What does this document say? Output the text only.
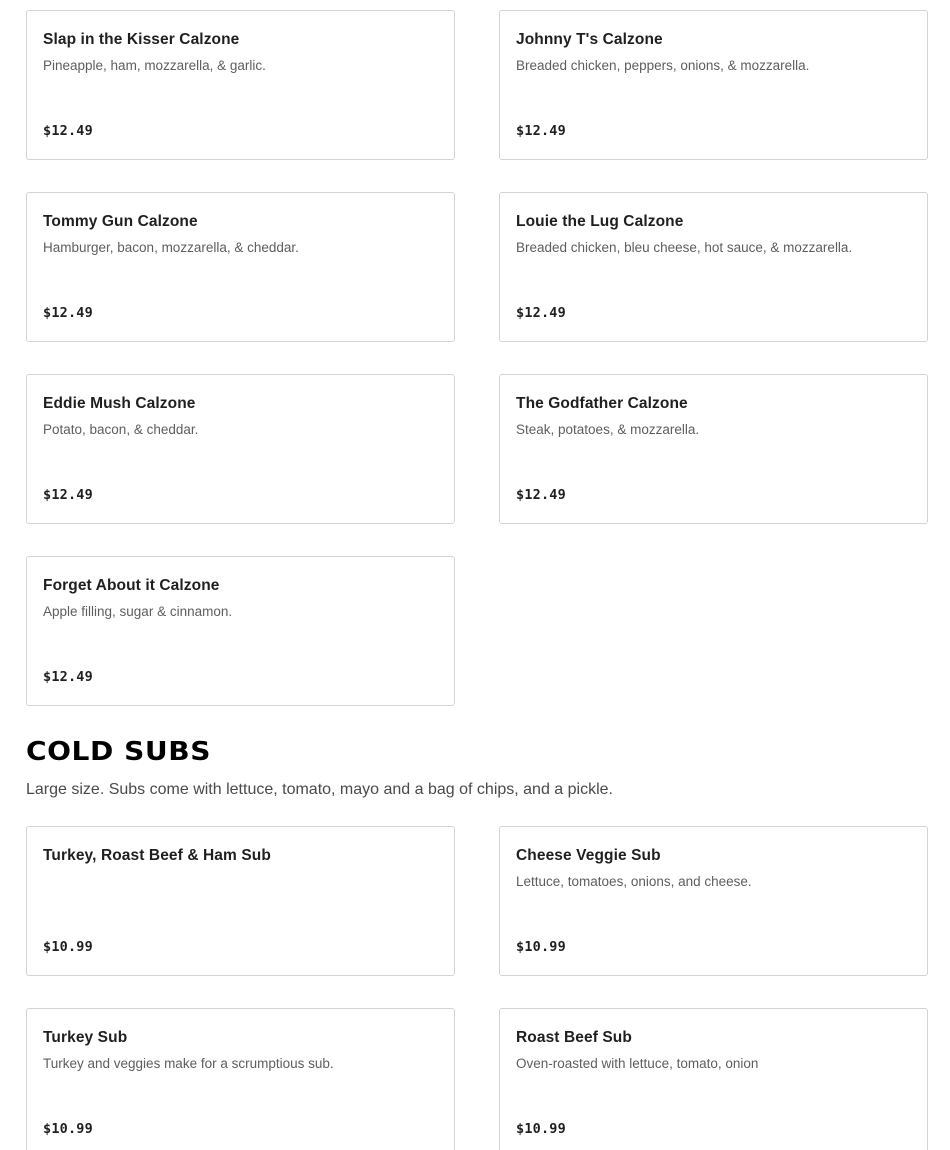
Slap in the Kisser Calzone
Pineapple, ham, mozzarella, & garlic.
$12.49
Johnny T's Calzone
Breaded chicken, peppers, onions, & mozzarella.
$12.49
Tommy Gun Calzone
Hamburger, bacon, mozzarella, & cheddar.
$12.49
Louie the Lug Calzone
Breaded chicken, bleu cheese, hot sauce, & mozzarella.
$12.49
Eddie Mush Calzone
Potato, bacon, & cheddar.
$12.49
The Godfather Calzone
Steak, potatoes, & mozzarella.
$12.49
Forget About it Calzone
Apple filling, sugar & cinnamon.
$12.49
COLD SUBS

Large size. Subs come with lettuce, tomato, mayo and a bag of chips, and a pickle.

Turkey, Roast Beef & Ham Sub
$10.99
Cheese Veggie Sub
Lettuce, tomatoes, onions, and cheese.
$10.99
Turkey Sub
Turkey and veggies make for a scrumptious sub.
$10.99
Roast Beef Sub
Oven-roasted with lettuce, tomato, onion
$10.99
